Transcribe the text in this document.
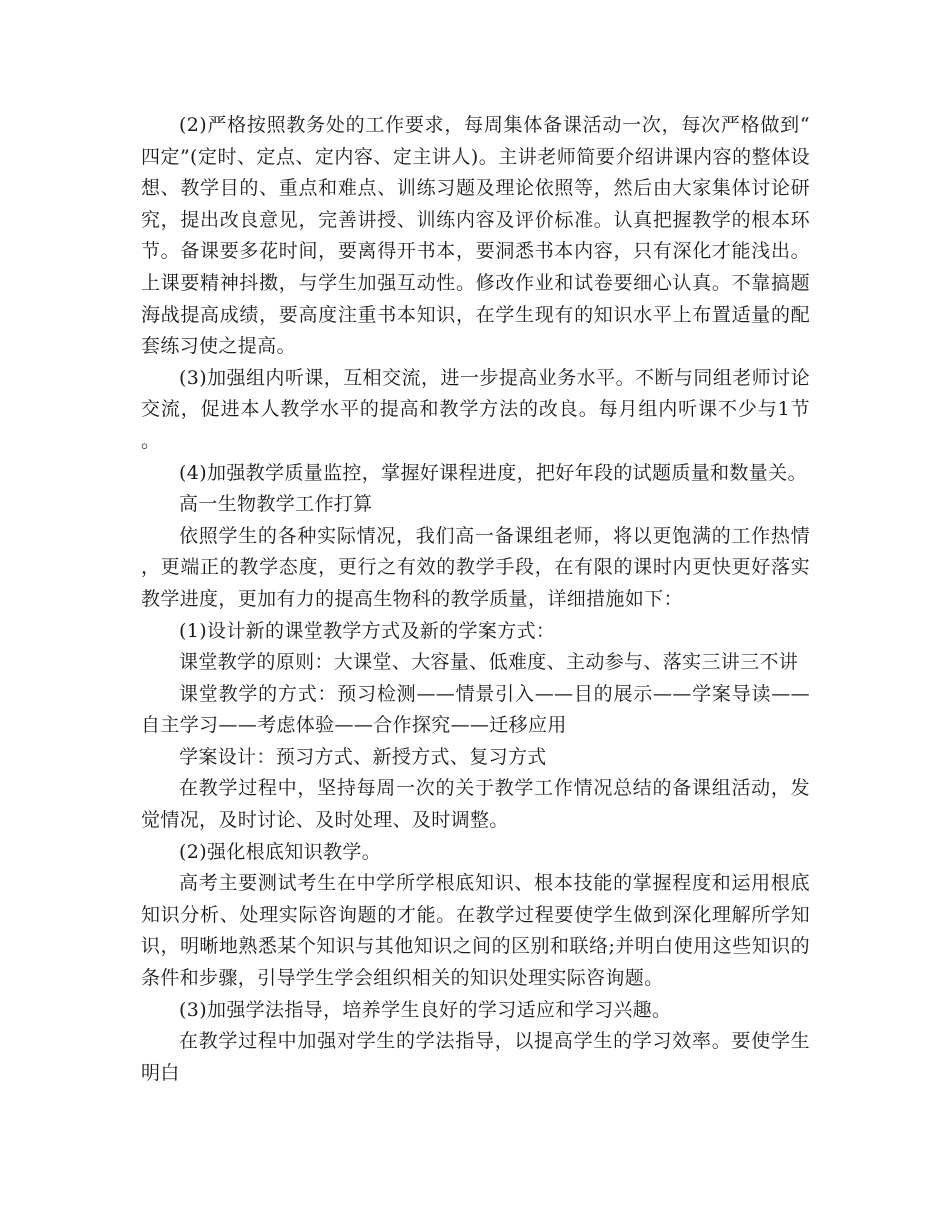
(2)严格按照教务处的工作要求，每周集体备课活动一次，每次严格做到“四定”(定时、定点、定内容、定主讲人)。主讲老师简要介绍讲课内容的整体设想、教学目的、重点和难点、训练习题及理论依照等，然后由大家集体讨论研究，提出改良意见，完善讲授、训练内容及评价标准。认真把握教学的根本环节。备课要多花时间，要离得开书本，要洞悉书本内容，只有深化才能浅出。上课要精神抖擞，与学生加强互动性。修改作业和试卷要细心认真。不靠搞题海战提高成绩，要高度注重书本知识，在学生现有的知识水平上布置适量的配套练习使之提高。

(3)加强组内听课，互相交流，进一步提高业务水平。不断与同组老师讨论交流，促进本人教学水平的提高和教学方法的改良。每月组内听课不少与1节。

(4)加强教学质量监控，掌握好课程进度，把好年段的试题质量和数量关。

高一生物教学工作打算

依照学生的各种实际情况，我们高一备课组老师，将以更饱满的工作热情，更端正的教学态度，更行之有效的教学手段，在有限的课时内更快更好落实教学进度，更加有力的提高生物科的教学质量，详细措施如下：

(1)设计新的课堂教学方式及新的学案方式：

课堂教学的原则：大课堂、大容量、低难度、主动参与、落实三讲三不讲

课堂教学的方式：预习检测——情景引入——目的展示——学案导读——自主学习——考虑体验——合作探究——迁移应用

学案设计：预习方式、新授方式、复习方式

在教学过程中，坚持每周一次的关于教学工作情况总结的备课组活动，发觉情况，及时讨论、及时处理、及时调整。

(2)强化根底知识教学。

高考主要测试考生在中学所学根底知识、根本技能的掌握程度和运用根底知识分析、处理实际咨询题的才能。在教学过程要使学生做到深化理解所学知识，明晰地熟悉某个知识与其他知识之间的区别和联络;并明白使用这些知识的条件和步骤，引导学生学会组织相关的知识处理实际咨询题。

(3)加强学法指导，培养学生良好的学习适应和学习兴趣。

在教学过程中加强对学生的学法指导，以提高学生的学习效率。要使学生明白
